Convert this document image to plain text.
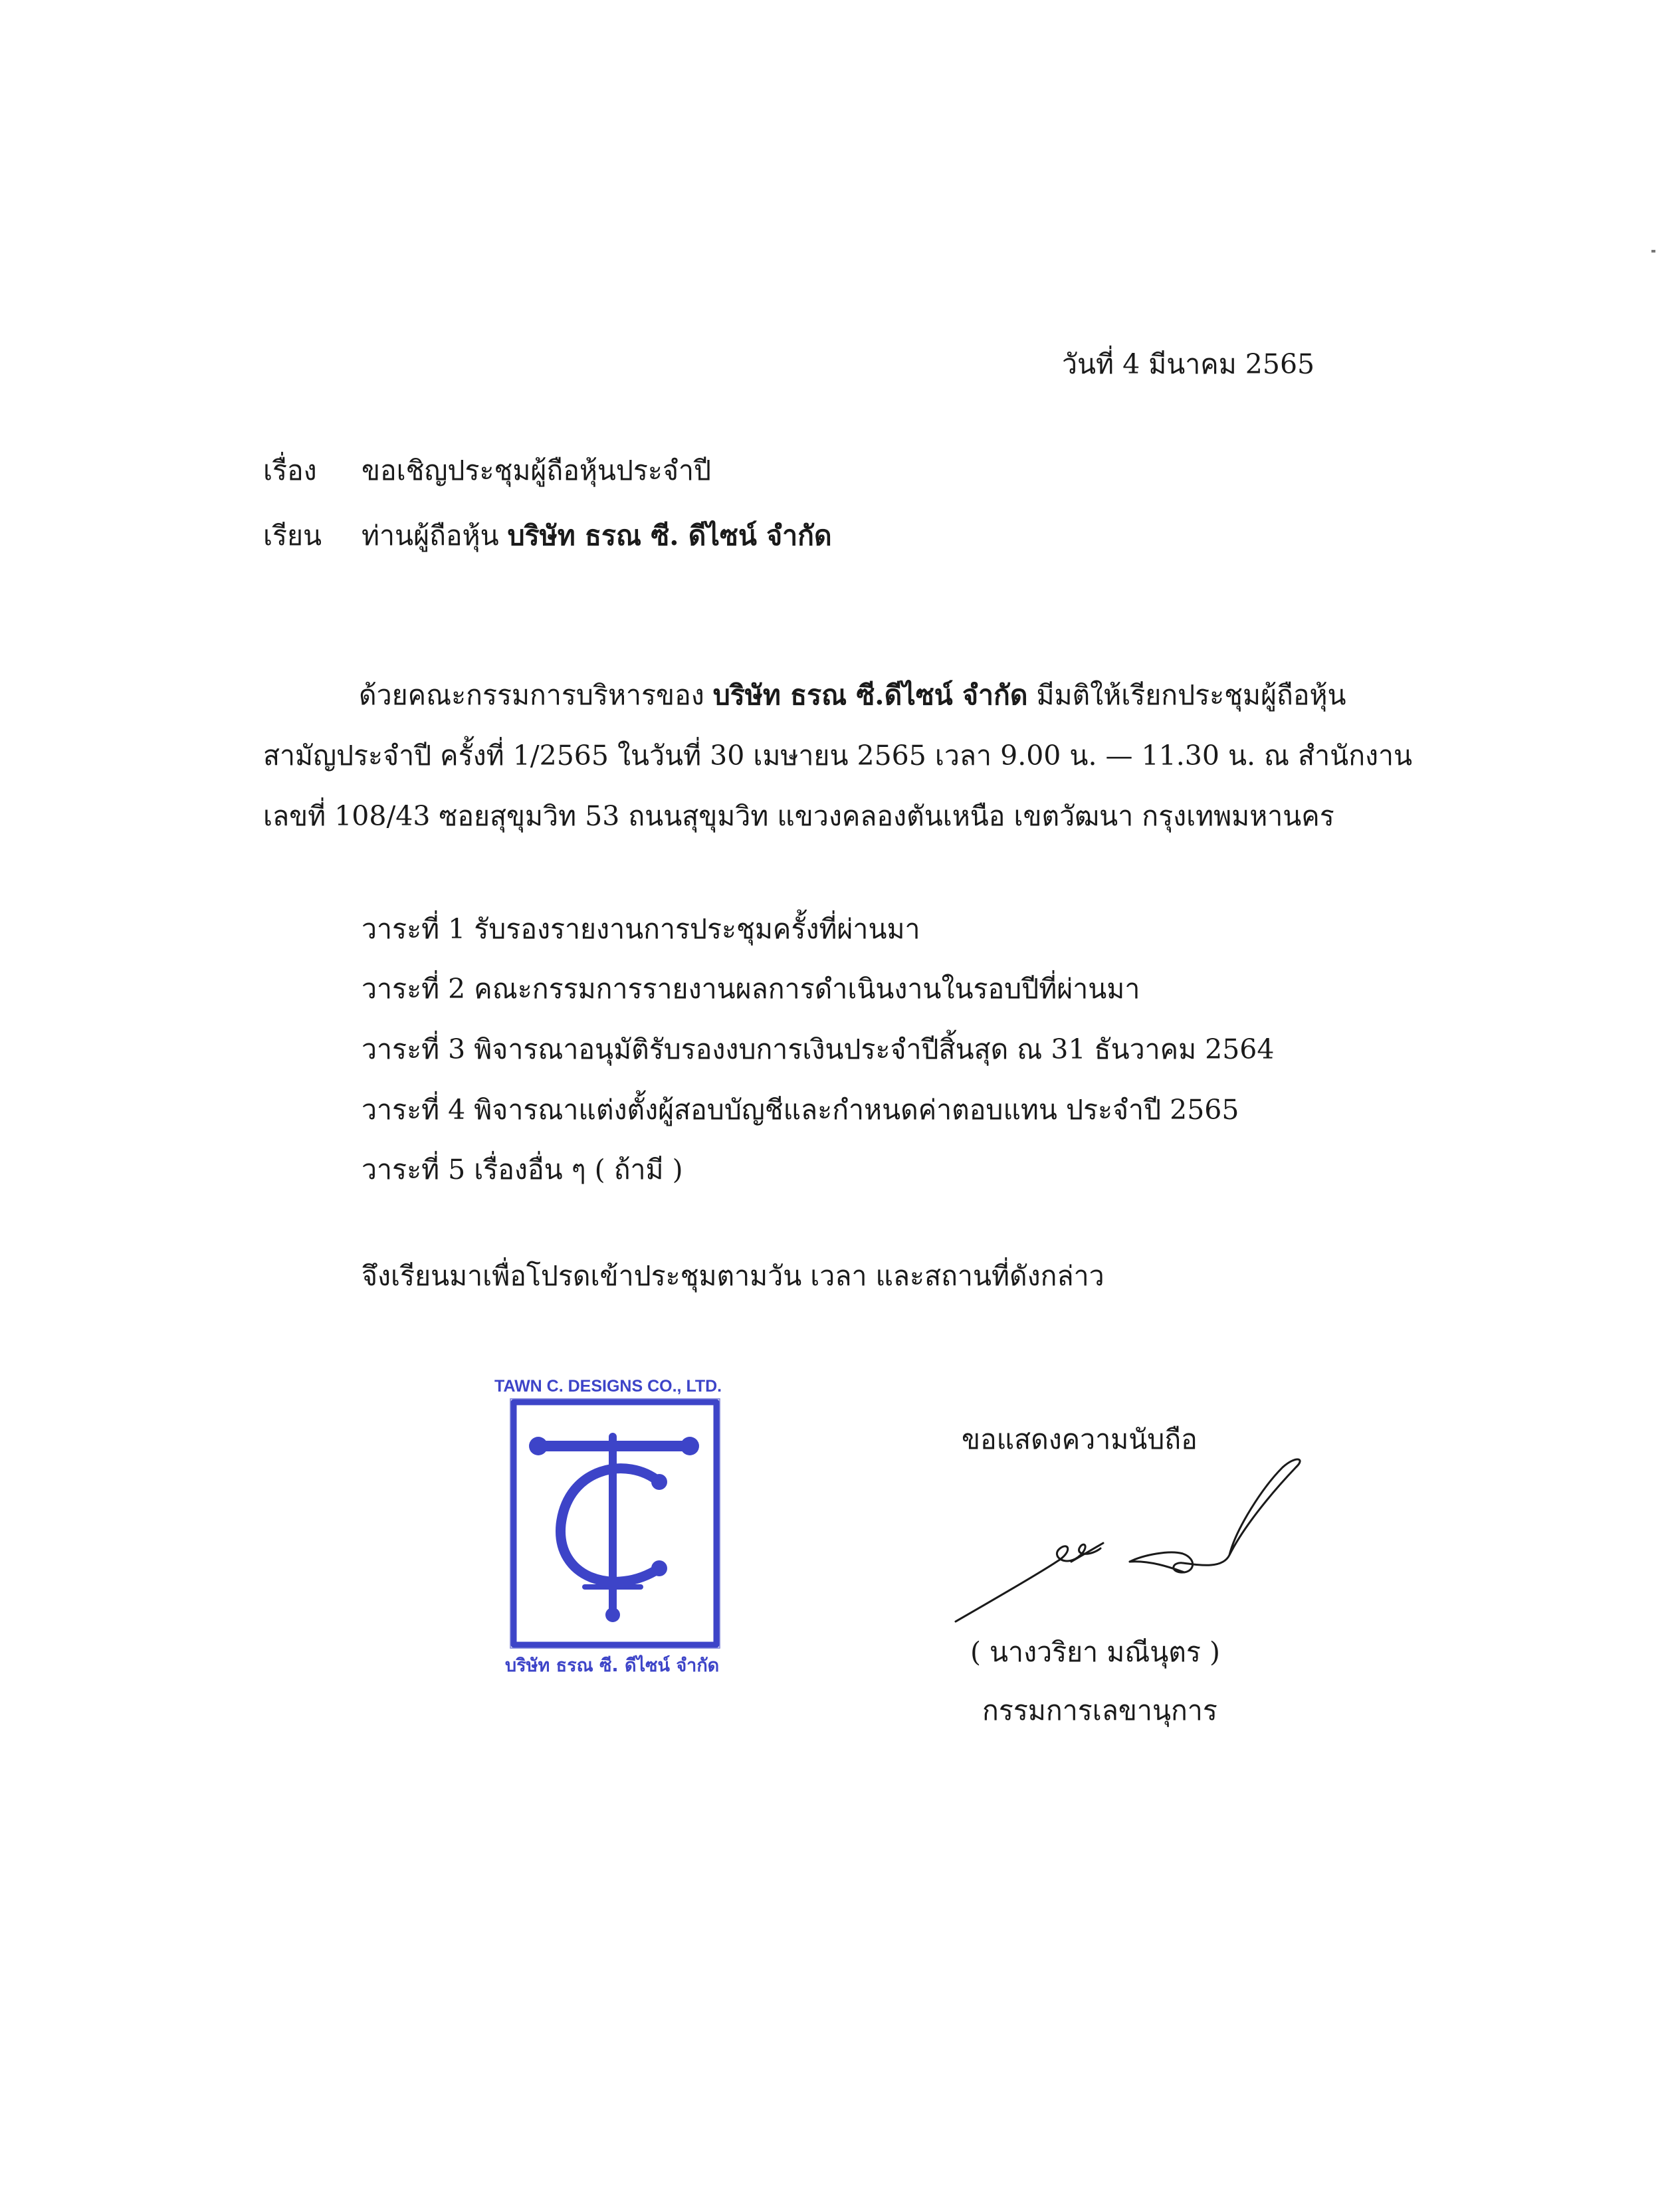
วันที่ 4 มีนาคม 2565
เรื่อง ขอเชิญประชุมผู้ถือหุ้นประจำปี
เรียน ท่านผู้ถือหุ้น บริษัท ธรณ ซี. ดีไซน์ จำกัด
ด้วยคณะกรรมการบริหารของ บริษัท ธรณ ซี.ดีไซน์ จำกัด มีมติให้เรียกประชุมผู้ถือหุ้น
สามัญประจำปี ครั้งที่ 1/2565 ในวันที่ 30 เมษายน 2565 เวลา 9.00 น. — 11.30 น. ณ สำนักงาน
เลขที่ 108/43 ซอยสุขุมวิท 53 ถนนสุขุมวิท แขวงคลองตันเหนือ เขตวัฒนา กรุงเทพมหานคร
วาระที่ 1 รับรองรายงานการประชุมครั้งที่ผ่านมา
วาระที่ 2 คณะกรรมการรายงานผลการดำเนินงานในรอบปีที่ผ่านมา
วาระที่ 3 พิจารณาอนุมัติรับรองงบการเงินประจำปีสิ้นสุด ณ 31 ธันวาคม 2564
วาระที่ 4 พิจารณาแต่งตั้งผู้สอบบัญชีและกำหนดค่าตอบแทน ประจำปี 2565
วาระที่ 5 เรื่องอื่น ๆ ( ถ้ามี )
จึงเรียนมาเพื่อโปรดเข้าประชุมตามวัน เวลา และสถานที่ดังกล่าว
TAWN C. DESIGNS CO., LTD.
บริษัท ธรณ ซี. ดีไซน์ จำกัด
ขอแสดงความนับถือ
( นางวริยา มณีนุตร )
กรรมการเลขานุการ
